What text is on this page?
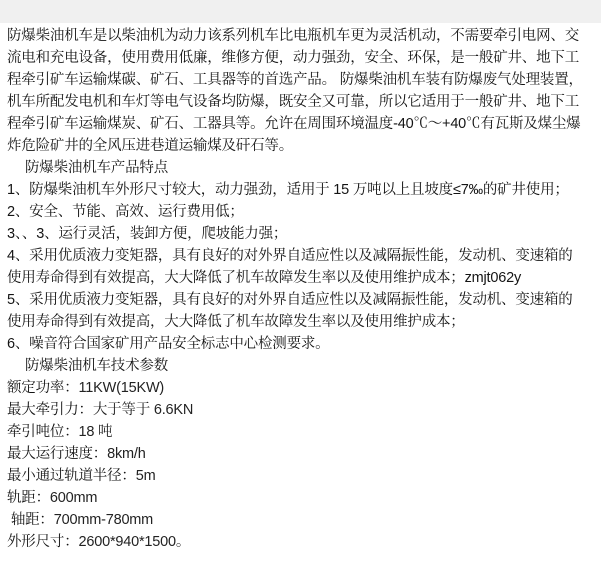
防爆柴油机车是以柴油机为动力该系列机车比电瓶机车更为灵活机动，不需要牵引电网、交

流电和充电设备，使用费用低廉，维修方便，动力强劲，安全、环保，是一般矿井、地下工

程牵引矿车运输煤碳、矿石、工具器等的首选产品。 防爆柴油机车装有防爆废气处理装置，

机车所配发电机和车灯等电气设备均防爆，既安全又可靠，所以它适用于一般矿井、地下工

程牵引矿车运输煤炭、矿石、工器具等。允许在周围环境温度-40℃～+40℃有瓦斯及煤尘爆

炸危险矿井的全风压进巷道运输煤及矸石等。

防爆柴油机车产品特点

1、防爆柴油机车外形尺寸较大，动力强劲，适用于 15 万吨以上且坡度≤7‰的矿井使用；

2、安全、节能、高效、运行费用低；

3、、3、运行灵活，装卸方便，爬坡能力强；

4、采用优质液力变矩器，具有良好的对外界自适应性以及减隔振性能，发动机、变速箱的

使用寿命得到有效提高，大大降低了机车故障发生率以及使用维护成本；zmjt062y

5、采用优质液力变矩器，具有良好的对外界自适应性以及减隔振性能，发动机、变速箱的

使用寿命得到有效提高，大大降低了机车故障发生率以及使用维护成本；

6、噪音符合国家矿用产品安全标志中心检测要求。

防爆柴油机车技术参数

额定功率：11KW(15KW)

最大牵引力：大于等于 6.6KN

牵引吨位：18 吨

最大运行速度：8km/h

最小通过轨道半径：5m

轨距：600mm

轴距：700mm-780mm

外形尺寸：2600*940*1500。
